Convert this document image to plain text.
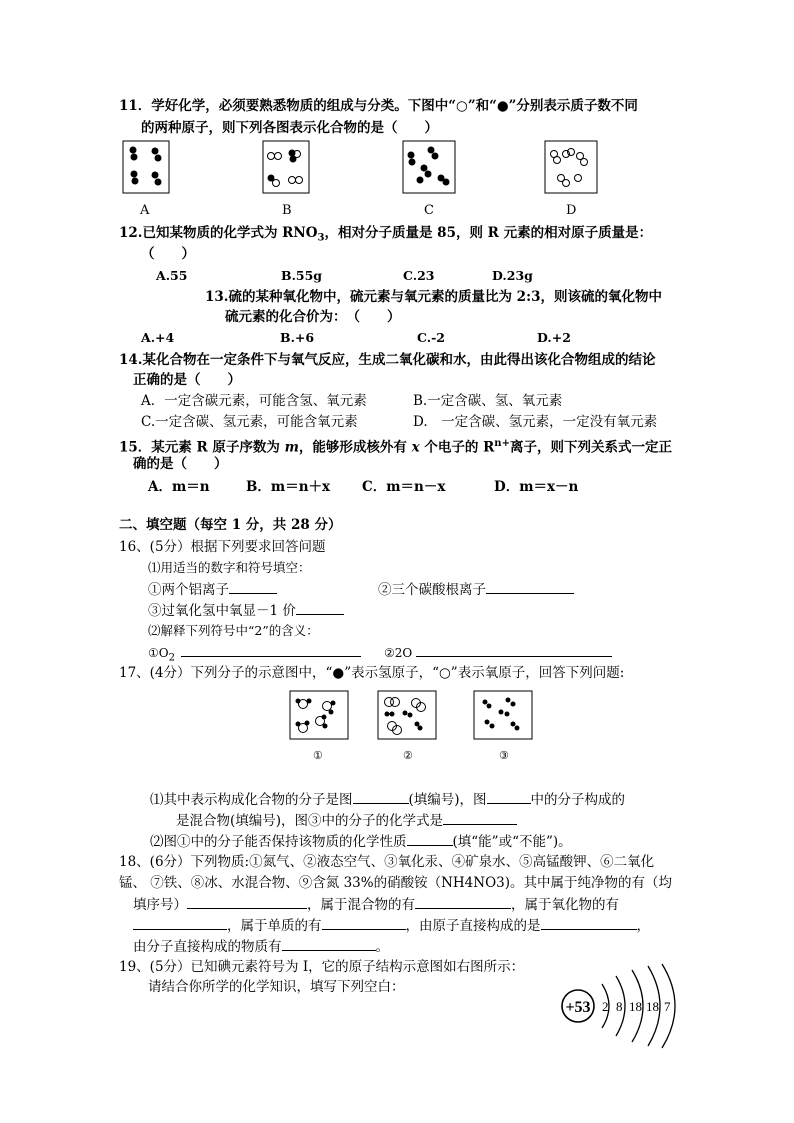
11．学好化学，必须要熟悉物质的组成与分类。下图中“○”和“●”分别表示质子数不同
的两种原子，则下列各图表示化合物的是（　　）
A	B	C	D
12.已知某物质的化学式为 $RNO_3$，相对分子质量是 85，则 R 元素的相对原子质量是：
（　　）
A.55	B.55g	C.23	D.23g
13.硫的某种氧化物中，硫元素与氧元素的质量比为 2:3，则该硫的氧化物中
硫元素的化合价为：　（　　）
A.+4	B.+6	C.-2	D.+2
14.某化合物在一定条件下与氧气反应，生成二氧化碳和水，由此得出该化合物组成的结论
正确的是（　　）
A．一定含碳元素，可能含氢、氧元素	B.一定含碳、氢、氧元素
C.一定含碳、氢元素，可能含氧元素	D.　一定含碳、氢元素，一定没有氧元素
15．某元素 R 原子序数为 m，能够形成核外有 x 个电子的 $R^{n+}$离子，则下列关系式一定正
确的是（　　）
A．m＝n	B．m＝n＋x C．m＝n－x	D．m＝x－n
二、填空题（每空 1 分，共 28 分）
16、(5分）根据下列要求回答问题
⑴用适当的数字和符号填空：
①两个铝离子	②三个碳酸根离子
③过氧化氢中氧显－1 价
⑵解释下列符号中“2”的含义：
$①O_2$	②2O
17、(4分）下列分子的示意图中，“●”表示氢原子，“○”表示氧原子，回答下列问题:
①	②	③
⑴其中表示构成化合物的分子是图	(填编号)，图	中的分子构成的
是混合物(填编号)，图③中的分子的化学式是
⑵图①中的分子能否保持该物质的化学性质	(填“能”或“不能”)。
18、(6分）下列物质:①氮气、②液态空气、③氧化汞、④矿泉水、⑤高锰酸钾、⑥二氧化
锰、 ⑦铁、⑧冰、水混合物、⑨含氮 33%的硝酸铵（NH4NO3)。其中属于纯净物的有（均
填序号）	，属于混合物的有	，属于氧化物的有
，属于单质的有	，由原子直接构成的是	，
由分子直接构成的物质有	。
19、(5分）已知碘元素符号为 I，它的原子结构示意图如右图所示：
请结合你所学的化学知识，填写下列空白：
+53 2 8 18 18 7
